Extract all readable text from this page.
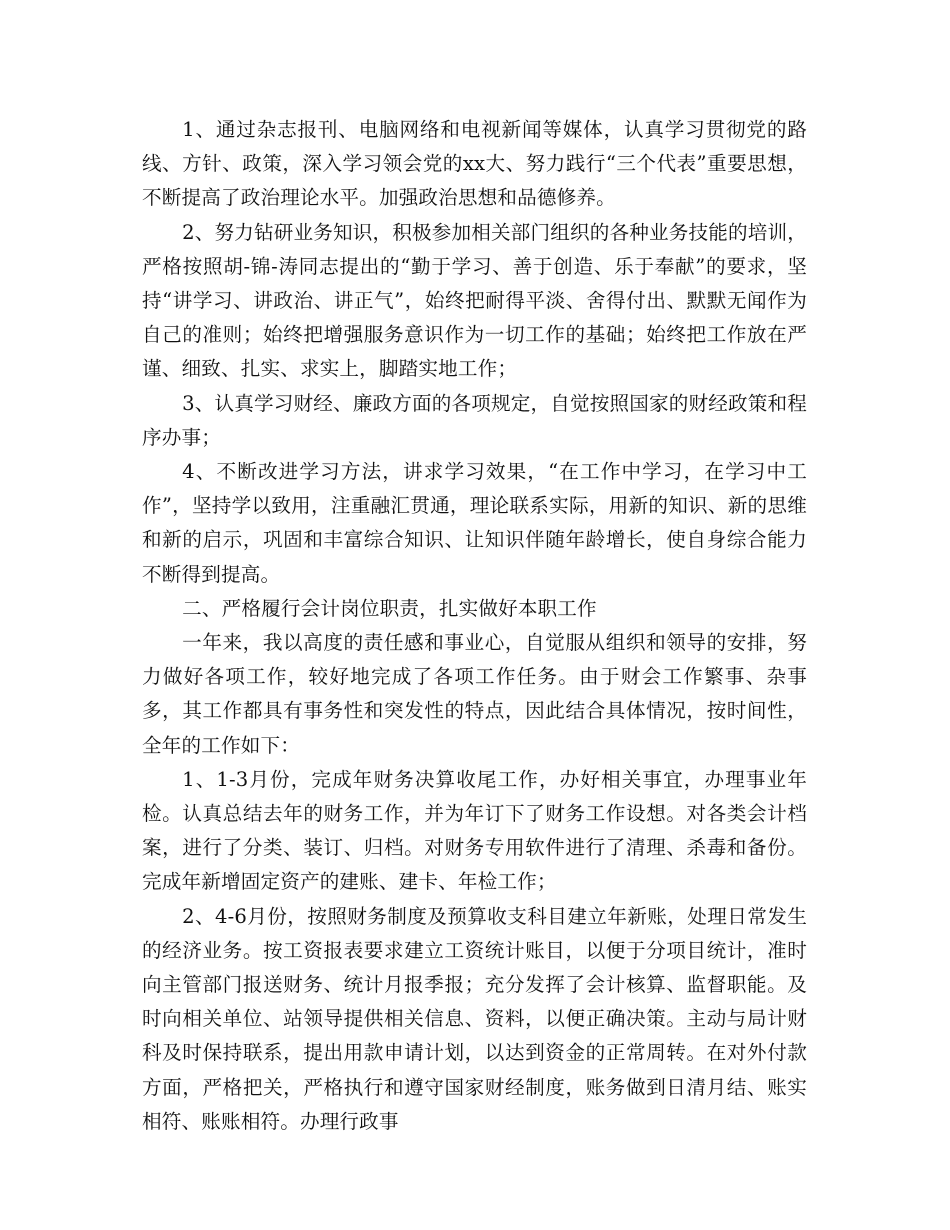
1、通过杂志报刊、电脑网络和电视新闻等媒体，认真学习贯彻党的路线、方针、政策，深入学习领会党的xx大、努力践行“三个代表”重要思想，不断提高了政治理论水平。加强政治思想和品德修养。

2、努力钻研业务知识，积极参加相关部门组织的各种业务技能的培训，严格按照胡-锦-涛同志提出的“勤于学习、善于创造、乐于奉献”的要求，坚持“讲学习、讲政治、讲正气”，始终把耐得平淡、舍得付出、默默无闻作为自己的准则；始终把增强服务意识作为一切工作的基础；始终把工作放在严谨、细致、扎实、求实上，脚踏实地工作；

3、认真学习财经、廉政方面的各项规定，自觉按照国家的财经政策和程序办事；

4、不断改进学习方法，讲求学习效果，“在工作中学习，在学习中工作”，坚持学以致用，注重融汇贯通，理论联系实际，用新的知识、新的思维和新的启示，巩固和丰富综合知识、让知识伴随年龄增长，使自身综合能力不断得到提高。

二、严格履行会计岗位职责，扎实做好本职工作

一年来，我以高度的责任感和事业心，自觉服从组织和领导的安排，努力做好各项工作，较好地完成了各项工作任务。由于财会工作繁事、杂事多，其工作都具有事务性和突发性的特点，因此结合具体情况，按时间性，全年的工作如下：

1、1-3月份，完成年财务决算收尾工作，办好相关事宜，办理事业年检。认真总结去年的财务工作，并为年订下了财务工作设想。对各类会计档案，进行了分类、装订、归档。对财务专用软件进行了清理、杀毒和备份。完成年新增固定资产的建账、建卡、年检工作；

2、4-6月份，按照财务制度及预算收支科目建立年新账，处理日常发生的经济业务。按工资报表要求建立工资统计账目，以便于分项目统计，准时向主管部门报送财务、统计月报季报；充分发挥了会计核算、监督职能。及时向相关单位、站领导提供相关信息、资料，以便正确决策。主动与局计财科及时保持联系，提出用款申请计划，以达到资金的正常周转。在对外付款方面，严格把关，严格执行和遵守国家财经制度，账务做到日清月结、账实相符、账账相符。办理行政事
